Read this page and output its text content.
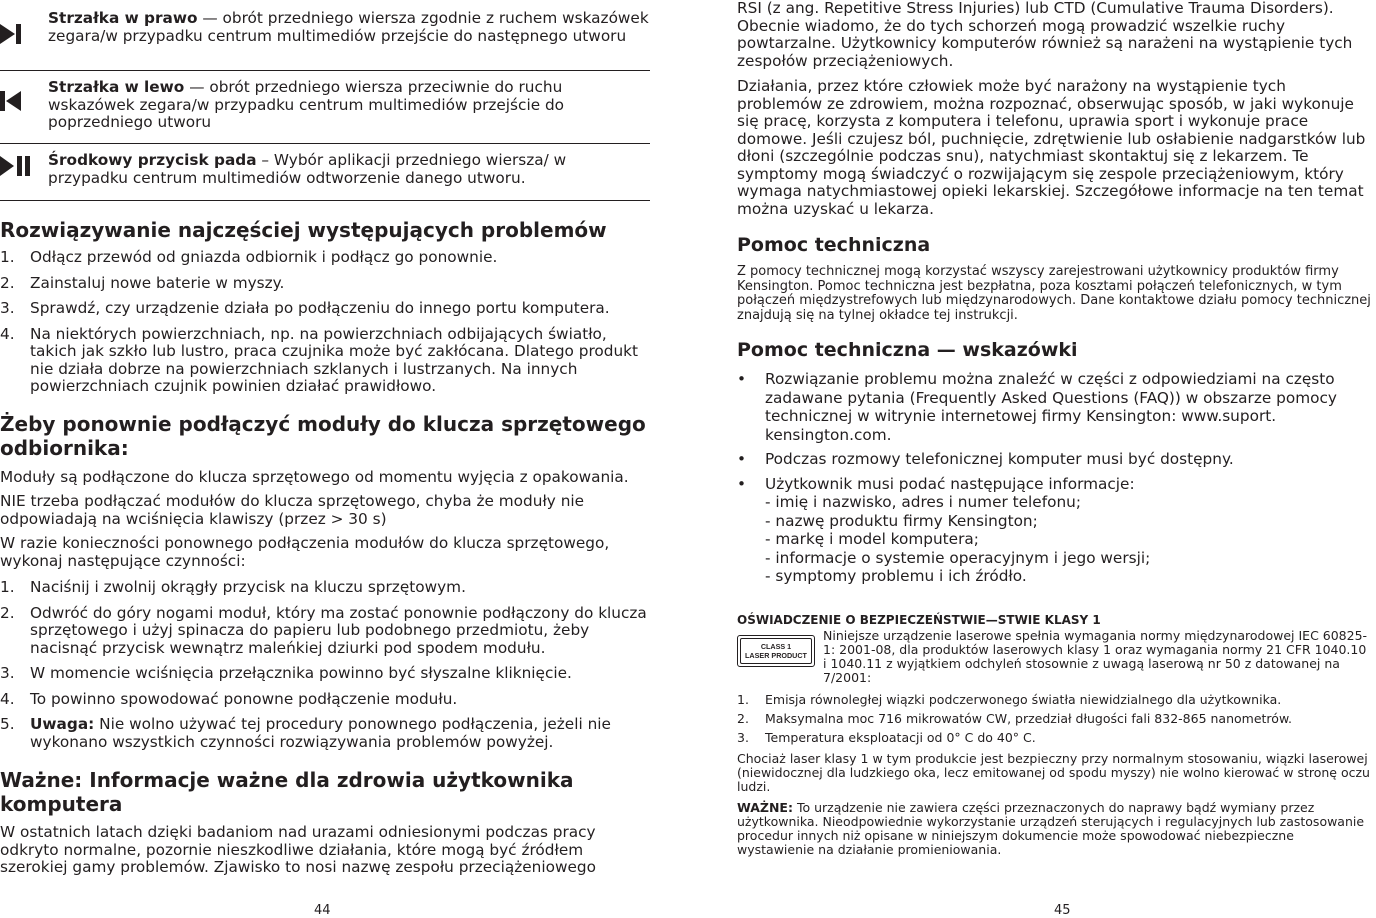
Strzałka w prawo — obrót przedniego wiersza zgodnie z ruchem wskazówek zegara/w przypadku centrum multimediów przejście do następnego utworu
Strzałka w lewo — obrót przedniego wiersza przeciwnie do ruchu wskazówek zegara/w przypadku centrum multimediów przejście do poprzedniego utworu
Środkowy przycisk pada – Wybór aplikacji przedniego wiersza/ w przypadku centrum multimediów odtworzenie danego utworu.
Rozwiązywanie najczęściej występujących problemów
1. Odłącz przewód od gniazda odbiornik i podłącz go ponownie.
2. Zainstaluj nowe baterie w myszy.
3. Sprawdź, czy urządzenie działa po podłączeniu do innego portu komputera.
4. Na niektórych powierzchniach, np. na powierzchniach odbijających światło, takich jak szkło lub lustro, praca czujnika może być zakłócana. Dlatego produkt nie działa dobrze na powierzchniach szklanych i lustrzanych. Na innych powierzchniach czujnik powinien działać prawidłowo.
Żeby ponownie podłączyć moduły do klucza sprzętowego odbiornika:

Moduły są podłączone do klucza sprzętowego od momentu wyjęcia z opakowania.

NIE trzeba podłączać modułów do klucza sprzętowego, chyba że moduły nie odpowiadają na wciśnięcia klawiszy (przez > 30 s)

W razie konieczności ponownego podłączenia modułów do klucza sprzętowego, wykonaj następujące czynności:

1. Naciśnij i zwolnij okrągły przycisk na kluczu sprzętowym.
2. Odwróć do góry nogami moduł, który ma zostać ponownie podłączony do klucza sprzętowego i użyj spinacza do papieru lub podobnego przedmiotu, żeby nacisnąć przycisk wewnątrz maleńkiej dziurki pod spodem modułu.
3. W momencie wciśnięcia przełącznika powinno być słyszalne kliknięcie.
4. To powinno spowodować ponowne podłączenie modułu.
5. Uwaga: Nie wolno używać tej procedury ponownego podłączenia, jeżeli nie wykonano wszystkich czynności rozwiązywania problemów powyżej.
Ważne: Informacje ważne dla zdrowia użytkownika komputera

W ostatnich latach dzięki badaniom nad urazami odniesionymi podczas pracy odkryto normalne, pozornie nieszkodliwe działania, które mogą być źródłem szerokiej gamy problemów. Zjawisko to nosi nazwę zespołu przeciążeniowego

44

RSI (z ang. Repetitive Stress Injuries) lub CTD (Cumulative Trauma Disorders). Obecnie wiadomo, że do tych schorzeń mogą prowadzić wszelkie ruchy powtarzalne. Użytkownicy komputerów również są narażeni na wystąpienie tych zespołów przeciążeniowych.

Działania, przez które człowiek może być narażony na wystąpienie tych problemów ze zdrowiem, można rozpoznać, obserwując sposób, w jaki wykonuje się pracę, korzysta z komputera i telefonu, uprawia sport i wykonuje prace domowe. Jeśli czujesz ból, puchnięcie, zdrętwienie lub osłabienie nadgarstków lub dłoni (szczególnie podczas snu), natychmiast skontaktuj się z lekarzem. Te symptomy mogą świadczyć o rozwijającym się zespole przeciążeniowym, który wymaga natychmiastowej opieki lekarskiej. Szczegółowe informacje na ten temat można uzyskać u lekarza.

Pomoc techniczna

Z pomocy technicznej mogą korzystać wszyscy zarejestrowani użytkownicy produktów firmy Kensington. Pomoc techniczna jest bezpłatna, poza kosztami połączeń telefonicznych, w tym połączeń międzystrefowych lub międzynarodowych. Dane kontaktowe działu pomocy technicznej znajdują się na tylnej okładce tej instrukcji.

Pomoc techniczna — wskazówki
• Rozwiązanie problemu można znaleźć w części z odpowiedziami na często zadawane pytania (Frequently Asked Questions (FAQ)) w obszarze pomocy technicznej w witrynie internetowej firmy Kensington: www.suport. kensington.com.
• Podczas rozmowy telefonicznej komputer musi być dostępny.
• Użytkownik musi podać następujące informacje:
- imię i nazwisko, adres i numer telefonu;
- nazwę produktu firmy Kensington;
- markę i model komputera;
- informacje o systemie operacyjnym i jego wersji;
- symptomy problemu i ich źródło.
OŚWIADCZENIE O BEZPIECZEŃSTWIE—STWIE KLASY 1
CLASS 1
LASER PRODUCT

Niniejsze urządzenie laserowe spełnia wymagania normy międzynarodowej IEC 60825-1: 2001-08, dla produktów laserowych klasy 1 oraz wymagania normy 21 CFR 1040.10 i 1040.11 z wyjątkiem odchyleń stosownie z uwagą laserową nr 50 z datowanej na 7/2001:

1. Emisja równoległej wiązki podczerwonego światła niewidzialnego dla użytkownika.
2. Maksymalna moc 716 mikrowatów CW, przedział długości fali 832-865 nanometrów.
3. Temperatura eksploatacji od 0° C do 40° C.

Chociaż laser klasy 1 w tym produkcie jest bezpieczny przy normalnym stosowaniu, wiązki laserowej (niewidocznej dla ludzkiego oka, lecz emitowanej od spodu myszy) nie wolno kierować w stronę oczu ludzi.

WAŻNE: To urządzenie nie zawiera części przeznaczonych do naprawy bądź wymiany przez użytkownika. Nieodpowiednie wykorzystanie urządzeń sterujących i regulacyjnych lub zastosowanie procedur innych niż opisane w niniejszym dokumencie może spowodować niebezpieczne wystawienie na działanie promieniowania.

45
